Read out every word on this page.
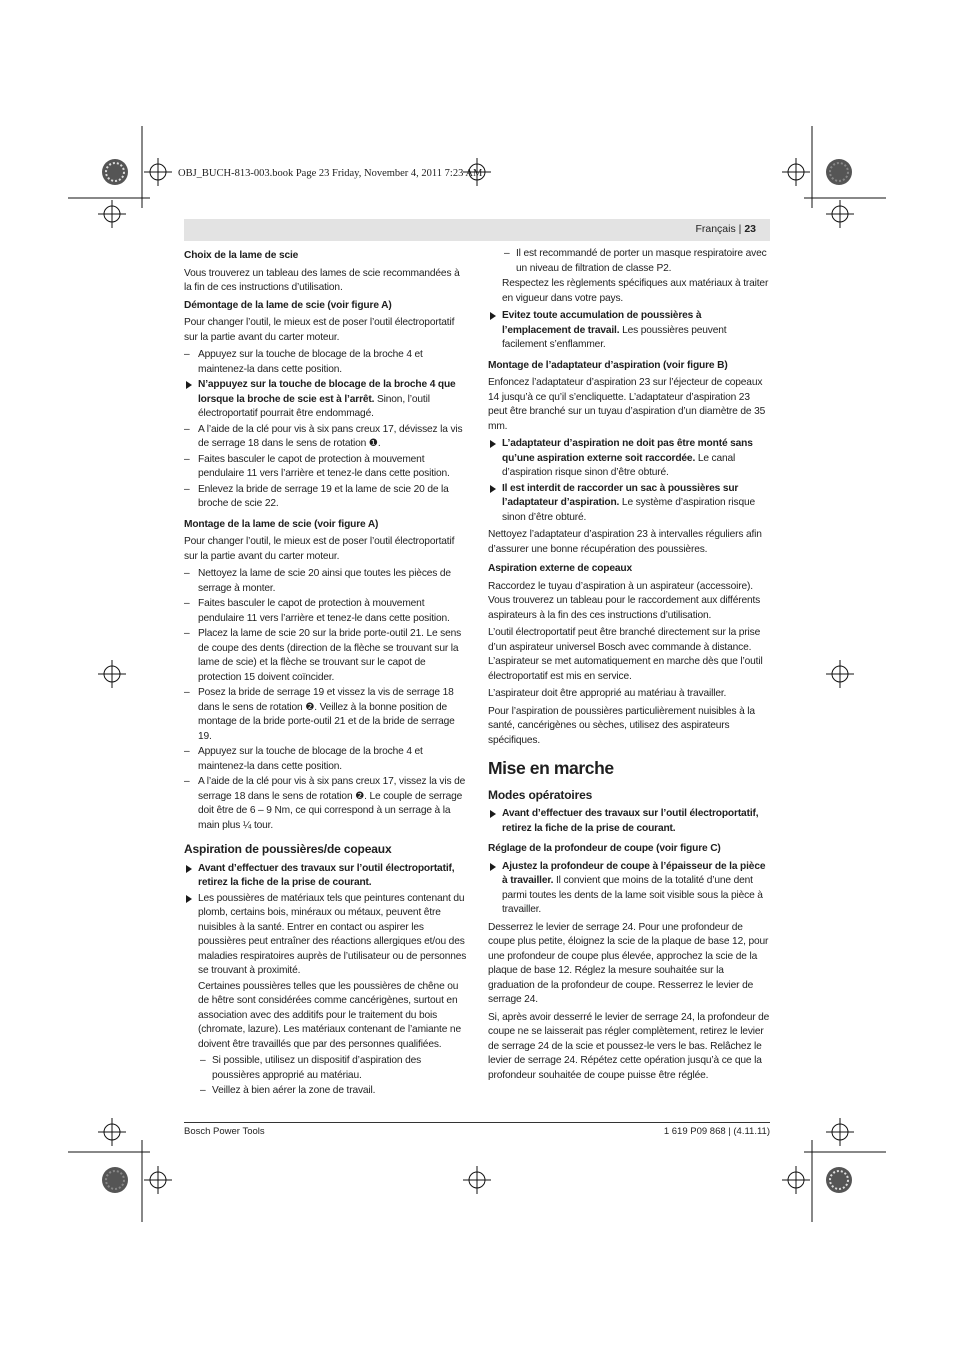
OBJ_BUCH-813-003.book Page 23 Friday, November 4, 2011 7:23 AM
Français | 23
Choix de la lame de scie

Vous trouverez un tableau des lames de scie recommandées à la fin de ces instructions d’utilisation.

Démontage de la lame de scie (voir figure A)

Pour changer l’outil, le mieux est de poser l’outil électroportatif sur la partie avant du carter moteur.

– Appuyez sur la touche de blocage de la broche 4 et maintenez-la dans cette position.
N’appuyez sur la touche de blocage de la broche 4 que lorsque la broche de scie est à l’arrêt. Sinon, l’outil électroportatif pourrait être endommagé.
– A l’aide de la clé pour vis à six pans creux 17, dévissez la vis de serrage 18 dans le sens de rotation ❶.
– Faites basculer le capot de protection à mouvement pendulaire 11 vers l’arrière et tenez-le dans cette position.
– Enlevez la bride de serrage 19 et la lame de scie 20 de la broche de scie 22.
Montage de la lame de scie (voir figure A)

Pour changer l’outil, le mieux est de poser l’outil électroportatif sur la partie avant du carter moteur.

– Nettoyez la lame de scie 20 ainsi que toutes les pièces de serrage à monter.
– Faites basculer le capot de protection à mouvement pendulaire 11 vers l’arrière et tenez-le dans cette position.
– Placez la lame de scie 20 sur la bride porte-outil 21. Le sens de coupe des dents (direction de la flèche se trouvant sur la lame de scie) et la flèche se trouvant sur le capot de protection 15 doivent coïncider.
– Posez la bride de serrage 19 et vissez la vis de serrage 18 dans le sens de rotation ❷. Veillez à la bonne position de montage de la bride porte-outil 21 et de la bride de serrage 19.
– Appuyez sur la touche de blocage de la broche 4 et maintenez-la dans cette position.
– A l’aide de la clé pour vis à six pans creux 17, vissez la vis de serrage 18 dans le sens de rotation ❷. Le couple de serrage doit être de 6 – 9 Nm, ce qui correspond à un serrage à la main plus ¼ tour.
Aspiration de poussières/de copeaux
Avant d’effectuer des travaux sur l’outil électroportatif, retirez la fiche de la prise de courant.
Les poussières de matériaux tels que peintures contenant du plomb, certains bois, minéraux ou métaux, peuvent être nuisibles à la santé. Entrer en contact ou aspirer les poussières peut entraîner des réactions allergiques et/ou des maladies respiratoires auprès de l’utilisateur ou de personnes se trouvant à proximité.
Certaines poussières telles que les poussières de chêne ou de hêtre sont considérées comme cancérigènes, surtout en association avec des additifs pour le traitement du bois (chromate, lazure). Les matériaux contenant de l’amiante ne doivent être travaillés que par des personnes qualifiées.
– Si possible, utilisez un dispositif d’aspiration des poussières approprié au matériau.
– Veillez à bien aérer la zone de travail.
– Il est recommandé de porter un masque respiratoire avec un niveau de filtration de classe P2.
Respectez les règlements spécifiques aux matériaux à traiter en vigueur dans votre pays.
Evitez toute accumulation de poussières à l’emplacement de travail. Les poussières peuvent facilement s’enflammer.
Montage de l’adaptateur d’aspiration (voir figure B)

Enfoncez l’adaptateur d’aspiration 23 sur l’éjecteur de copeaux 14 jusqu’à ce qu’il s’encliquette. L’adaptateur d’aspiration 23 peut être branché sur un tuyau d’aspiration d’un diamètre de 35 mm.

L’adaptateur d’aspiration ne doit pas être monté sans qu’une aspiration externe soit raccordée. Le canal d’aspiration risque sinon d’être obturé.
Il est interdit de raccorder un sac à poussières sur l’adaptateur d’aspiration. Le système d’aspiration risque sinon d’être obturé.

Nettoyez l’adaptateur d’aspiration 23 à intervalles réguliers afin d’assurer une bonne récupération des poussières.

Aspiration externe de copeaux

Raccordez le tuyau d’aspiration à un aspirateur (accessoire). Vous trouverez un tableau pour le raccordement aux différents aspirateurs à la fin des ces instructions d’utilisation.

L’outil électroportatif peut être branché directement sur la prise d’un aspirateur universel Bosch avec commande à distance. L’aspirateur se met automatiquement en marche dès que l’outil électroportatif est mis en service.

L’aspirateur doit être approprié au matériau à travailler.

Pour l’aspiration de poussières particulièrement nuisibles à la santé, cancérigènes ou sèches, utilisez des aspirateurs spécifiques.

Mise en marche
Modes opératoires
Avant d’effectuer des travaux sur l’outil électroportatif, retirez la fiche de la prise de courant.
Réglage de la profondeur de coupe (voir figure C)
Ajustez la profondeur de coupe à l’épaisseur de la pièce à travailler. Il convient que moins de la totalité d’une dent parmi toutes les dents de la lame soit visible sous la pièce à travailler.

Desserrez le levier de serrage 24. Pour une profondeur de coupe plus petite, éloignez la scie de la plaque de base 12, pour une profondeur de coupe plus élevée, approchez la scie de la plaque de base 12. Réglez la mesure souhaitée sur la graduation de la profondeur de coupe. Resserrez le levier de serrage 24.

Si, après avoir desserré le levier de serrage 24, la profondeur de coupe ne se laisserait pas régler complètement, retirez le levier de serrage 24 de la scie et poussez-le vers le bas. Relâchez le levier de serrage 24. Répétez cette opération jusqu’à ce que la profondeur souhaitée de coupe puisse être réglée.

Bosch Power Tools	1 619 P09 868 | (4.11.11)
